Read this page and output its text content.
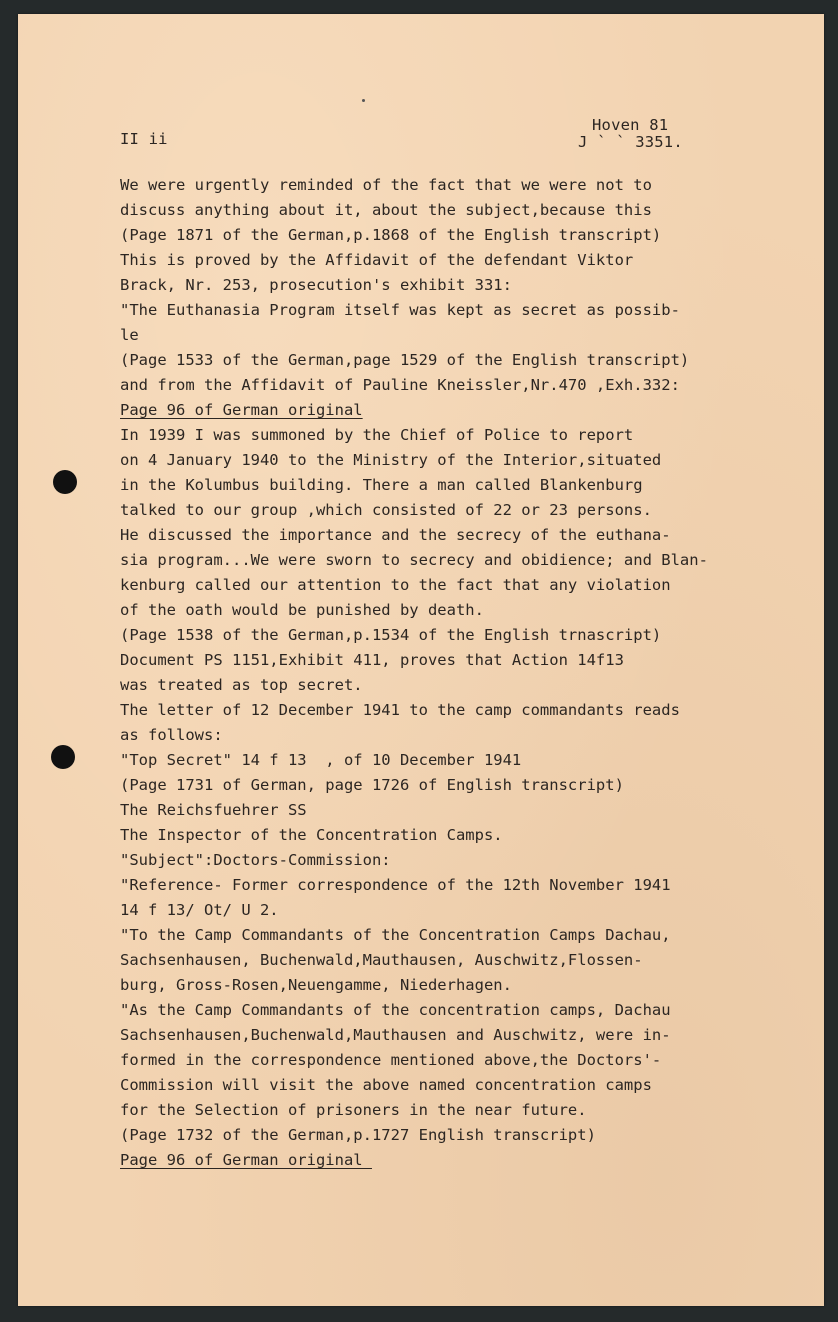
II ii
Hoven 81
J ` ` 3351.
We were urgently reminded of the fact that we were not to
discuss anything about it, about the subject,because this
(Page 1871 of the German,p.1868 of the English transcript)
This is proved by the Affidavit of the defendant Viktor
Brack, Nr. 253, prosecution's exhibit 331:
"The Euthanasia Program itself was kept as secret as possib-
le
(Page 1533 of the German,page 1529 of the English transcript)
and from the Affidavit of Pauline Kneissler,Nr.470 ,Exh.332:
Page 96 of German original
In 1939 I was summoned by the Chief of Police to report
on 4 January 1940 to the Ministry of the Interior,situated
in the Kolumbus building. There a man called Blankenburg
talked to our group ,which consisted of 22 or 23 persons.
He discussed the importance and the secrecy of the euthana-
sia program...We were sworn to secrecy and obidience; and Blan-
kenburg called our attention to the fact that any violation
of the oath would be punished by death.
(Page 1538 of the German,p.1534 of the English trnascript)
Document PS 1151,Exhibit 411, proves that Action 14f13
was treated as top secret.
The letter of 12 December 1941 to the camp commandants reads
as follows:
"Top Secret" 14 f 13  , of 10 December 1941
(Page 1731 of German, page 1726 of English transcript)
The Reichsfuehrer SS
The Inspector of the Concentration Camps.
"Subject":Doctors-Commission:
"Reference- Former correspondence of the 12th November 1941
14 f 13/ Ot/ U 2.
"To the Camp Commandants of the Concentration Camps Dachau,
Sachsenhausen, Buchenwald,Mauthausen, Auschwitz,Flossen-
burg, Gross-Rosen,Neuengamme, Niederhagen.
"As the Camp Commandants of the concentration camps, Dachau
Sachsenhausen,Buchenwald,Mauthausen and Auschwitz, were in-
formed in the correspondence mentioned above,the Doctors'-
Commission will visit the above named concentration camps
for the Selection of prisoners in the near future.
(Page 1732 of the German,p.1727 English transcript)
Page 96 of German original
